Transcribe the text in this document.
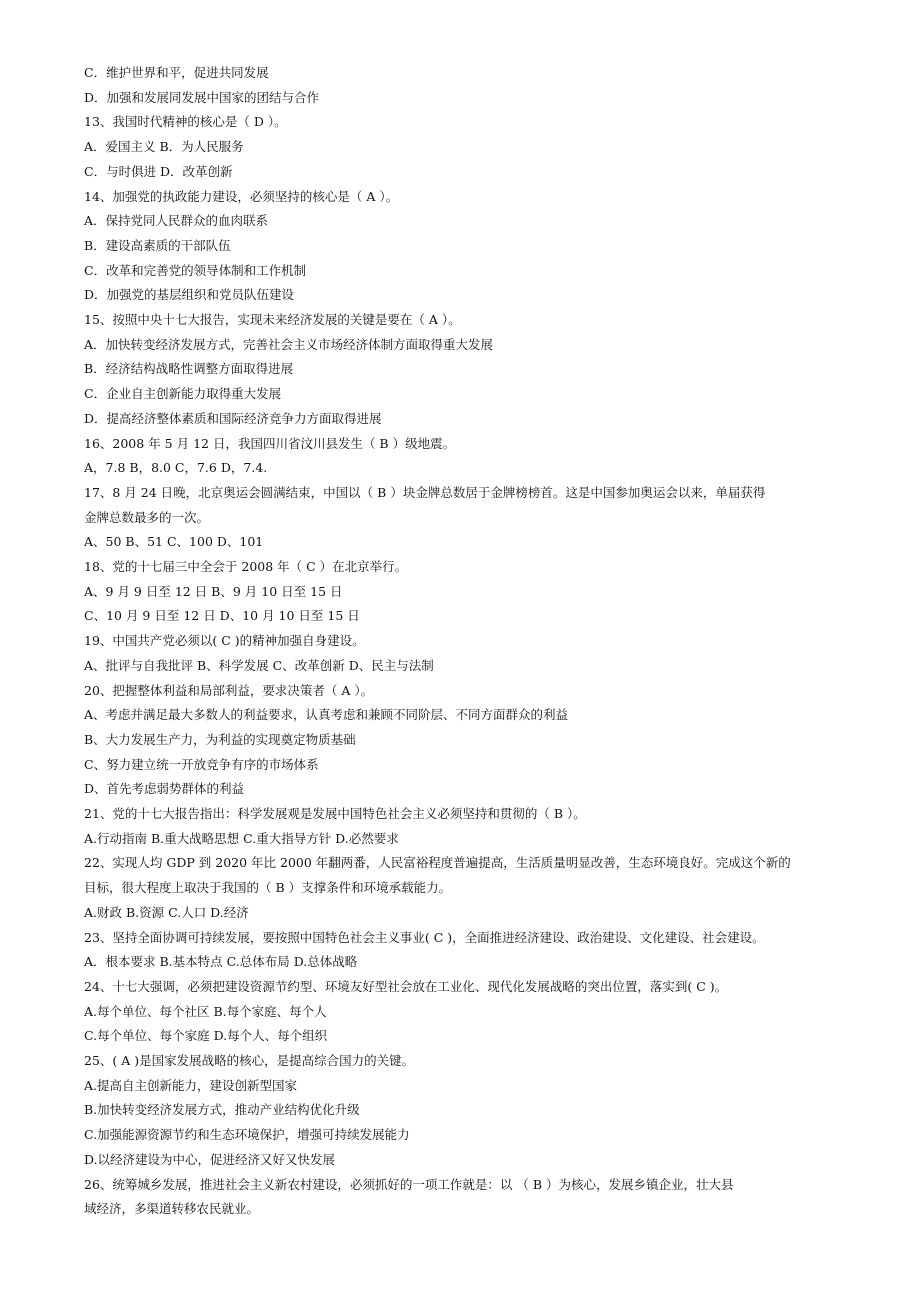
C．维护世界和平，促进共同发展
D．加强和发展同发展中国家的团结与合作
13、我国时代精神的核心是（ D ）。
A．爱国主义 B．为人民服务
C．与时俱进 D．改革创新
14、加强党的执政能力建设，必须坚持的核心是（ A ）。
A．保持党同人民群众的血肉联系
B．建设高素质的干部队伍
C．改革和完善党的领导体制和工作机制
D．加强党的基层组织和党员队伍建设
15、按照中央十七大报告，实现未来经济发展的关键是要在（ A ）。
A．加快转变经济发展方式，完善社会主义市场经济体制方面取得重大发展
B．经济结构战略性调整方面取得进展
C．企业自主创新能力取得重大发展
D．提高经济整体素质和国际经济竞争力方面取得进展
16、2008 年 5 月 12 日，我国四川省汶川县发生（ B ）级地震。
A，7.8 B，8.0 C，7.6 D，7.4.
17、8 月 24 日晚，北京奥运会圆满结束，中国以（ B ）块金牌总数居于金牌榜榜首。这是中国参加奥运会以来，单届获得
金牌总数最多的一次。
A、50 B、51 C、100 D、101
18、党的十七届三中全会于 2008 年（ C ）在北京举行。
A、9 月 9 日至 12 日 B、9 月 10 日至 15 日
C、10 月 9 日至 12 日 D、10 月 10 日至 15 日
19、中国共产党必须以( C )的精神加强自身建设。
A、批评与自我批评 B、科学发展 C、改革创新 D、民主与法制
20、把握整体利益和局部利益，要求决策者（ A ）。
A、考虑并满足最大多数人的利益要求，认真考虑和兼顾不同阶层、不同方面群众的利益
B、大力发展生产力，为利益的实现奠定物质基础
C、努力建立统一开放竞争有序的市场体系
D、首先考虑弱势群体的利益
21、党的十七大报告指出：科学发展观是发展中国特色社会主义必须坚持和贯彻的（ B ）。
A.行动指南 B.重大战略思想 C.重大指导方针 D.必然要求
22、实现人均 GDP 到 2020 年比 2000 年翻两番，人民富裕程度普遍提高，生活质量明显改善，生态环境良好。完成这个新的
目标，很大程度上取决于我国的（ B ）支撑条件和环境承载能力。
A.财政 B.资源 C.人口 D.经济
23、坚持全面协调可持续发展，要按照中国特色社会主义事业( C )，全面推进经济建设、政治建设、文化建设、社会建设。
A．根本要求 B.基本特点 C.总体布局 D.总体战略
24、十七大强调，必须把建设资源节约型、环境友好型社会放在工业化、现代化发展战略的突出位置，落实到( C )。
A.每个单位、每个社区 B.每个家庭、每个人
C.每个单位、每个家庭 D.每个人、每个组织
25、( A )是国家发展战略的核心，是提高综合国力的关键。
A.提高自主创新能力，建设创新型国家
B.加快转变经济发展方式，推动产业结构优化升级
C.加强能源资源节约和生态环境保护，增强可持续发展能力
D.以经济建设为中心，促进经济又好又快发展
26、统筹城乡发展，推进社会主义新农村建设，必须抓好的一项工作就是：以 （ B ）为核心，发展乡镇企业，壮大县
域经济，多渠道转移农民就业。
